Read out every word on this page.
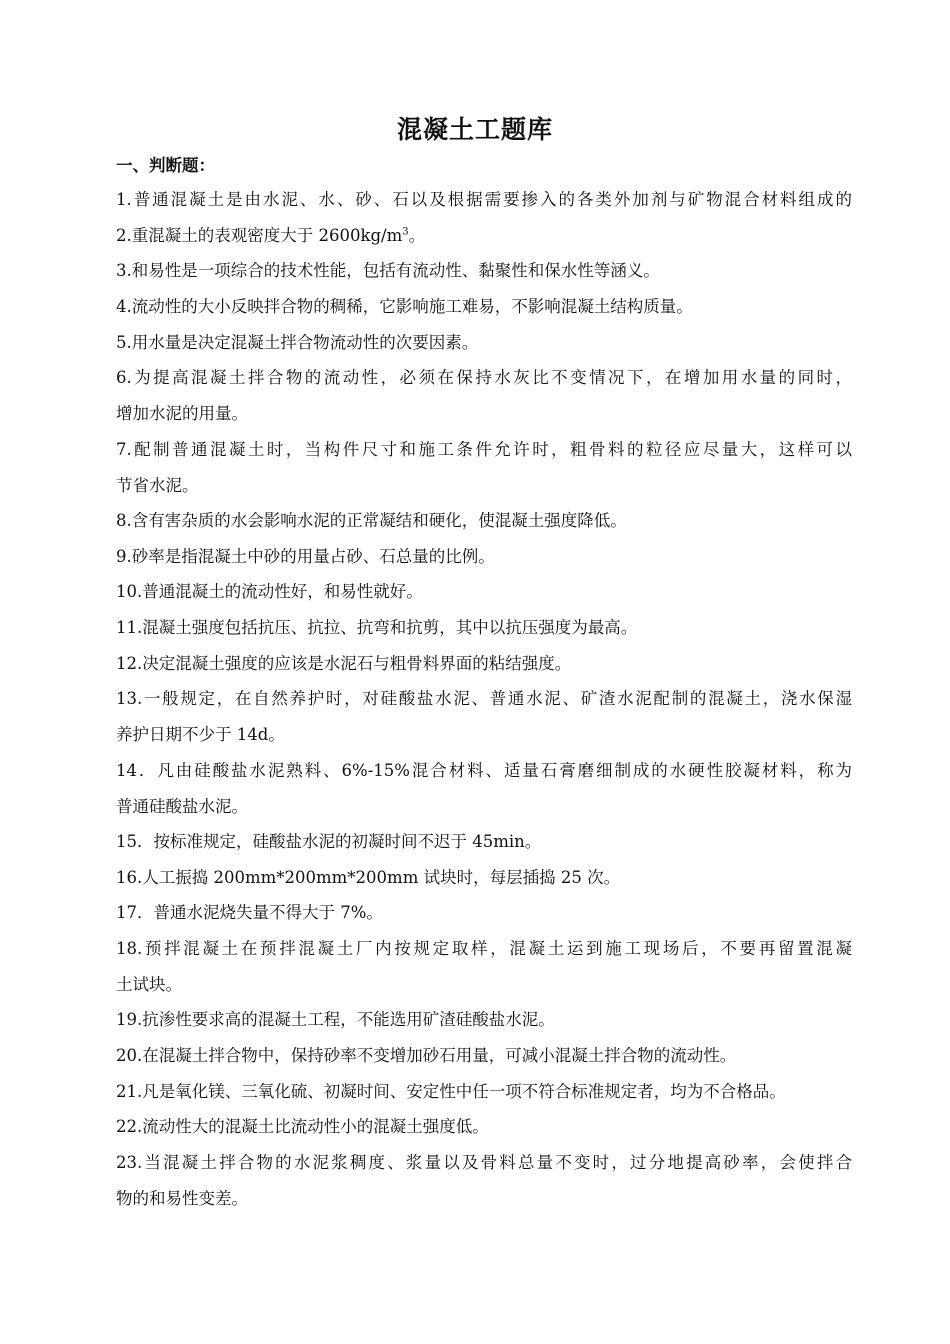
混凝土工题库
一、判断题：
1.普通混凝土是由水泥、水、砂、石以及根据需要掺入的各类外加剂与矿物混合材料组成的
2.重混凝土的表观密度大于 $2600kg/m^3$。
3.和易性是一项综合的技术性能，包括有流动性、黏聚性和保水性等涵义。
4.流动性的大小反映拌合物的稠稀，它影响施工难易，不影响混凝土结构质量。
5.用水量是决定混凝土拌合物流动性的次要因素。
6.为提高混凝土拌合物的流动性，必须在保持水灰比不变情况下，在增加用水量的同时，
增加水泥的用量。
7.配制普通混凝土时，当构件尺寸和施工条件允许时，粗骨料的粒径应尽量大，这样可以
节省水泥。
8.含有害杂质的水会影响水泥的正常凝结和硬化，使混凝土强度降低。
9.砂率是指混凝土中砂的用量占砂、石总量的比例。
10.普通混凝土的流动性好，和易性就好。
11.混凝土强度包括抗压、抗拉、抗弯和抗剪，其中以抗压强度为最高。
12.决定混凝土强度的应该是水泥石与粗骨料界面的粘结强度。
13.一般规定，在自然养护时，对硅酸盐水泥、普通水泥、矿渣水泥配制的混凝土，浇水保湿
养护日期不少于 14d。
14．凡由硅酸盐水泥熟料、6%-15%混合材料、适量石膏磨细制成的水硬性胶凝材料，称为
普通硅酸盐水泥。
15．按标准规定，硅酸盐水泥的初凝时间不迟于 45min。
16.人工振捣 200mm*200mm*200mm 试块时，每层插捣 25 次。
17．普通水泥烧失量不得大于 7%。
18.预拌混凝土在预拌混凝土厂内按规定取样，混凝土运到施工现场后，不要再留置混凝
土试块。
19.抗渗性要求高的混凝土工程，不能选用矿渣硅酸盐水泥。
20.在混凝土拌合物中，保持砂率不变增加砂石用量，可减小混凝土拌合物的流动性。
21.凡是氧化镁、三氧化硫、初凝时间、安定性中任一项不符合标准规定者，均为不合格品。
22.流动性大的混凝土比流动性小的混凝土强度低。
23.当混凝土拌合物的水泥浆稠度、浆量以及骨料总量不变时，过分地提高砂率，会使拌合
物的和易性变差。
